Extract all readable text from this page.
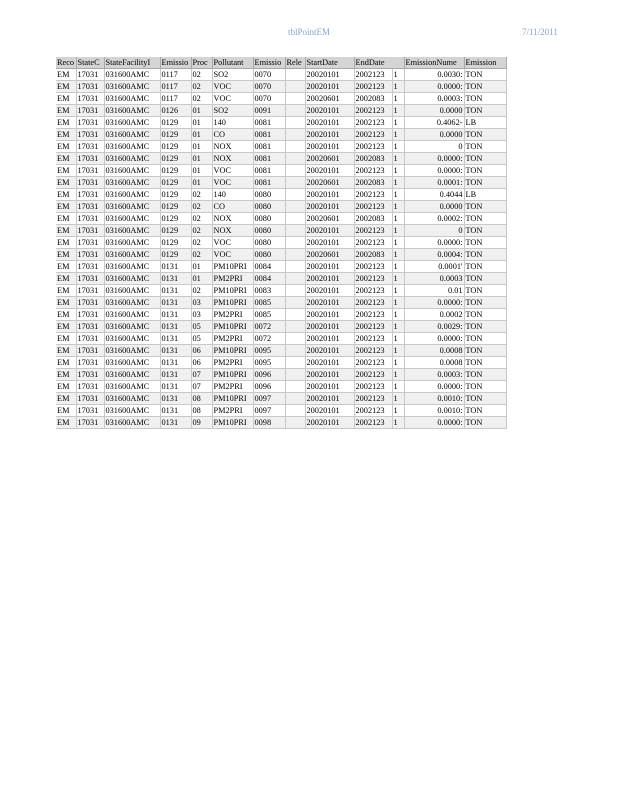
tblPointEM	7/11/2011
Reco	StateC	StateFacilityI	Emissio	Proc	Pollutant	Emissio	Rele	StartDate	EndDate		EmissionNume	Emission
EM	17031	031600AMC	0117	02	SO2	0070		20020101	2002123	1	0.0030:	TON
EM	17031	031600AMC	0117	02	VOC	0070		20020101	2002123	1	0.0000:	TON
EM	17031	031600AMC	0117	02	VOC	0070		20020601	2002083	1	0.0003:	TON
EM	17031	031600AMC	0126	01	SO2	0091		20020101	2002123	1	0.0000	TON
EM	17031	031600AMC	0129	01	140	0081		20020101	2002123	1	0.4062-	LB
EM	17031	031600AMC	0129	01	CO	0081		20020101	2002123	1	0.0000	TON
EM	17031	031600AMC	0129	01	NOX	0081		20020101	2002123	1	0	TON
EM	17031	031600AMC	0129	01	NOX	0081		20020601	2002083	1	0.0000:	TON
EM	17031	031600AMC	0129	01	VOC	0081		20020101	2002123	1	0.0000:	TON
EM	17031	031600AMC	0129	01	VOC	0081		20020601	2002083	1	0.0001:	TON
EM	17031	031600AMC	0129	02	140	0080		20020101	2002123	1	0.4044	LB
EM	17031	031600AMC	0129	02	CO	0080		20020101	2002123	1	0.0000	TON
EM	17031	031600AMC	0129	02	NOX	0080		20020601	2002083	1	0.0002:	TON
EM	17031	031600AMC	0129	02	NOX	0080		20020101	2002123	1	0	TON
EM	17031	031600AMC	0129	02	VOC	0080		20020101	2002123	1	0.0000:	TON
EM	17031	031600AMC	0129	02	VOC	0080		20020601	2002083	1	0.0004:	TON
EM	17031	031600AMC	0131	01	PM10PRI	0084		20020101	2002123	1	0.0001'	TON
EM	17031	031600AMC	0131	01	PM2PRI	0084		20020101	2002123	1	0.0003	TON
EM	17031	031600AMC	0131	02	PM10PRI	0083		20020101	2002123	1	0.01	TON
EM	17031	031600AMC	0131	03	PM10PRI	0085		20020101	2002123	1	0.0000:	TON
EM	17031	031600AMC	0131	03	PM2PRI	0085		20020101	2002123	1	0.0002	TON
EM	17031	031600AMC	0131	05	PM10PRI	0072		20020101	2002123	1	0.0029:	TON
EM	17031	031600AMC	0131	05	PM2PRI	0072		20020101	2002123	1	0.0000:	TON
EM	17031	031600AMC	0131	06	PM10PRI	0095		20020101	2002123	1	0.0008	TON
EM	17031	031600AMC	0131	06	PM2PRI	0095		20020101	2002123	1	0.0008	TON
EM	17031	031600AMC	0131	07	PM10PRI	0096		20020101	2002123	1	0.0003:	TON
EM	17031	031600AMC	0131	07	PM2PRI	0096		20020101	2002123	1	0.0000:	TON
EM	17031	031600AMC	0131	08	PM10PRI	0097		20020101	2002123	1	0.0010:	TON
EM	17031	031600AMC	0131	08	PM2PRI	0097		20020101	2002123	1	0.0010:	TON
EM	17031	031600AMC	0131	09	PM10PRI	0098		20020101	2002123	1	0.0000:	TON
